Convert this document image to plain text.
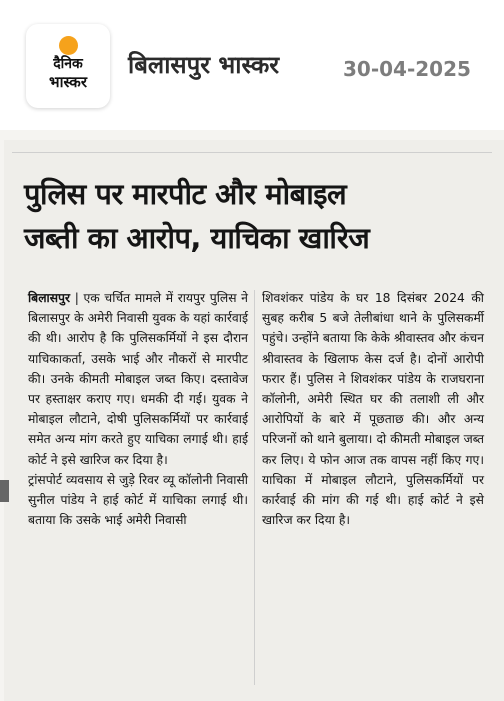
दैनिक
भास्कर
बिलासपुर भास्कर	30-04-2025
पुलिस पर मारपीट और मोबाइल
जब्ती का आरोप, याचिका खारिज

बिलासपुर | एक चर्चित मामले में रायपुर पुलिस ने बिलासपुर के अमेरी निवासी युवक के यहां कार्रवाई की थी। आरोप है कि पुलिसकर्मियों ने इस दौरान याचिकाकर्ता, उसके भाई और नौकरों से मारपीट की। उनके कीमती मोबाइल जब्त किए। दस्तावेज पर हस्ताक्षर कराए गए। धमकी दी गई। युवक ने मोबाइल लौटाने, दोषी पुलिसकर्मियों पर कार्रवाई समेत अन्य मांग करते हुए याचिका लगाई थी। हाई कोर्ट ने इसे खारिज कर दिया है।

ट्रांसपोर्ट व्यवसाय से जुड़े रिवर व्यू कॉलोनी निवासी सुनील पांडेय ने हाई कोर्ट में याचिका लगाई थी। बताया कि उसके भाई अमेरी निवासी

शिवशंकर पांडेय के घर 18 दिसंबर 2024 की सुबह करीब 5 बजे तेलीबांधा थाने के पुलिसकर्मी पहुंचे। उन्होंने बताया कि केके श्रीवास्तव और कंचन श्रीवास्तव के खिलाफ केस दर्ज है। दोनों आरोपी फरार हैं। पुलिस ने शिवशंकर पांडेय के राजघराना कॉलोनी, अमेरी स्थित घर की तलाशी ली और आरोपियों के बारे में पूछताछ की। और अन्य परिजनों को थाने बुलाया। दो कीमती मोबाइल जब्त कर लिए। ये फोन आज तक वापस नहीं किए गए। याचिका में मोबाइल लौटाने, पुलिसकर्मियों पर कार्रवाई की मांग की गई थी। हाई कोर्ट ने इसे खारिज कर दिया है।
